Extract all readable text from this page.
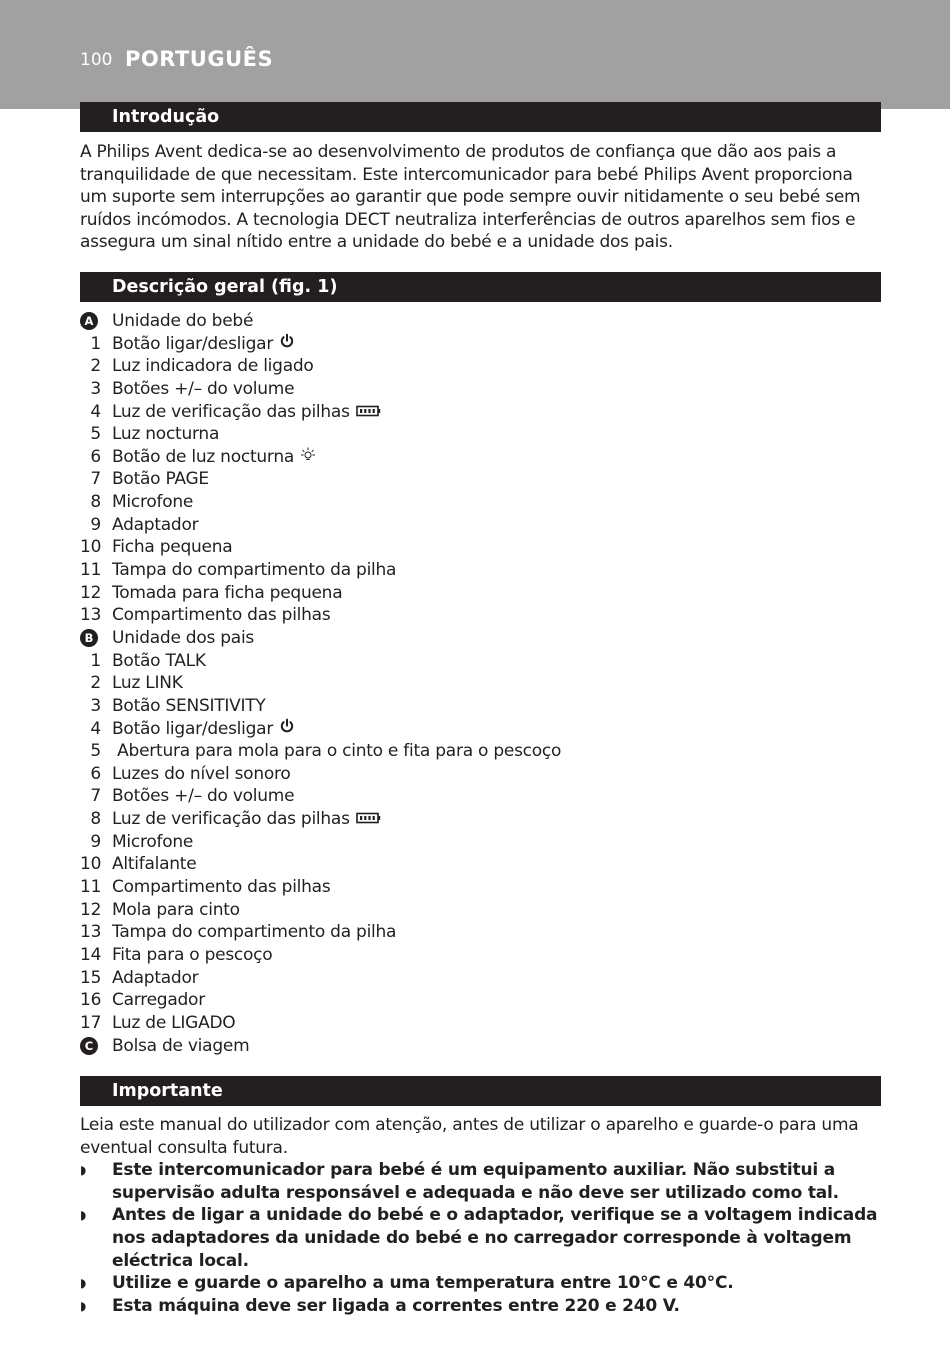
100 PORTUGUÊS
Introdução
A Philips Avent dedica-se ao desenvolvimento de produtos de confiança que dão aos pais a tranquilidade de que necessitam. Este intercomunicador para bebé Philips Avent proporciona um suporte sem interrupções ao garantir que pode sempre ouvir nitidamente o seu bebé sem ruídos incómodos. A tecnologia DECT neutraliza interferências de outros aparelhos sem fios e assegura um sinal nítido entre a unidade do bebé e a unidade dos pais.
Descrição geral (fig. 1)
A Unidade do bebé
1 Botão ligar/desligar
2 Luz indicadora de ligado
3 Botões +/– do volume
4 Luz de verificação das pilhas
5 Luz nocturna
6 Botão de luz nocturna
7 Botão PAGE
8 Microfone
9 Adaptador
10 Ficha pequena
11 Tampa do compartimento da pilha
12 Tomada para ficha pequena
13 Compartimento das pilhas
B Unidade dos pais
1 Botão TALK
2 Luz LINK
3 Botão SENSITIVITY
4 Botão ligar/desligar
5 Abertura para mola para o cinto e fita para o pescoço
6 Luzes do nível sonoro
7 Botões +/– do volume
8 Luz de verificação das pilhas
9 Microfone
10 Altifalante
11 Compartimento das pilhas
12 Mola para cinto
13 Tampa do compartimento da pilha
14 Fita para o pescoço
15 Adaptador
16 Carregador
17 Luz de LIGADO
C Bolsa de viagem
Importante
Leia este manual do utilizador com atenção, antes de utilizar o aparelho e guarde-o para uma eventual consulta futura.
◗	Este intercomunicador para bebé é um equipamento auxiliar. Não substitui a supervisão adulta responsável e adequada e não deve ser utilizado como tal.
◗	Antes de ligar a unidade do bebé e o adaptador, verifique se a voltagem indicada nos adaptadores da unidade do bebé e no carregador corresponde à voltagem eléctrica local.
◗	Utilize e guarde o aparelho a uma temperatura entre 10°C e 40°C.
◗	Esta máquina deve ser ligada a correntes entre 220 e 240 V.
